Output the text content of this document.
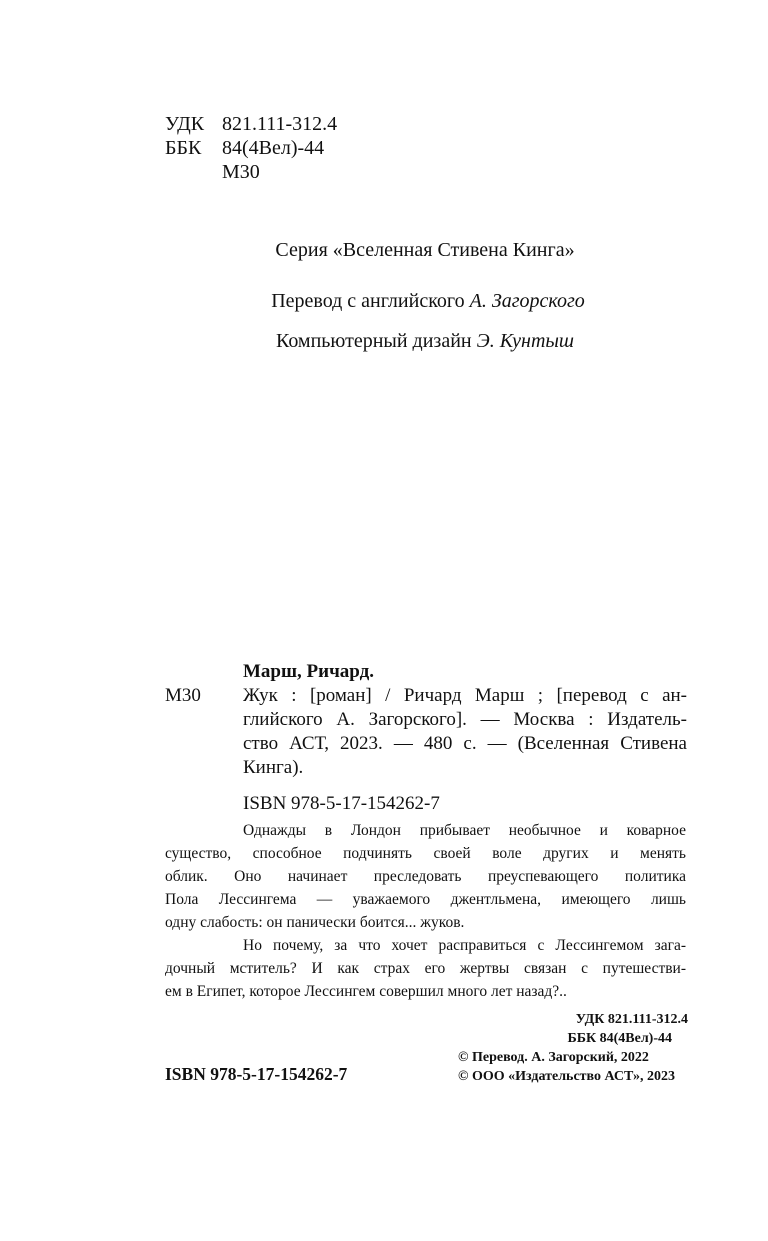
УДК 821.111-312.4
ББК 84(4Вел)-44
М30
Серия «Вселенная Стивена Кинга»
Перевод с английского А. Загорского
Компьютерный дизайн Э. Кунтыш
Марш, Ричард.
М30 Жук : [роман] / Ричард Марш ; [перевод с ан-
глийского А. Загорского]. — Москва : Издатель-
ство АСТ, 2023. — 480 с. — (Вселенная Стивена
Кинга).
ISBN 978-5-17-154262-7
Однажды в Лондон прибывает необычное и коварное
существо, способное подчинять своей воле других и менять
облик. Оно начинает преследовать преуспевающего политика
Пола Лессингема — уважаемого джентльмена, имеющего лишь
одну слабость: он панически боится... жуков.
Но почему, за что хочет расправиться с Лессингемом зага-
дочный мститель? И как страх его жертвы связан с путешестви-
ем в Египет, которое Лессингем совершил много лет назад?..
УДК 821.111-312.4
ББК 84(4Вел)-44
ISBN 978-5-17-154262-7
© Перевод. А. Загорский, 2022
© ООО «Издательство АСТ», 2023
